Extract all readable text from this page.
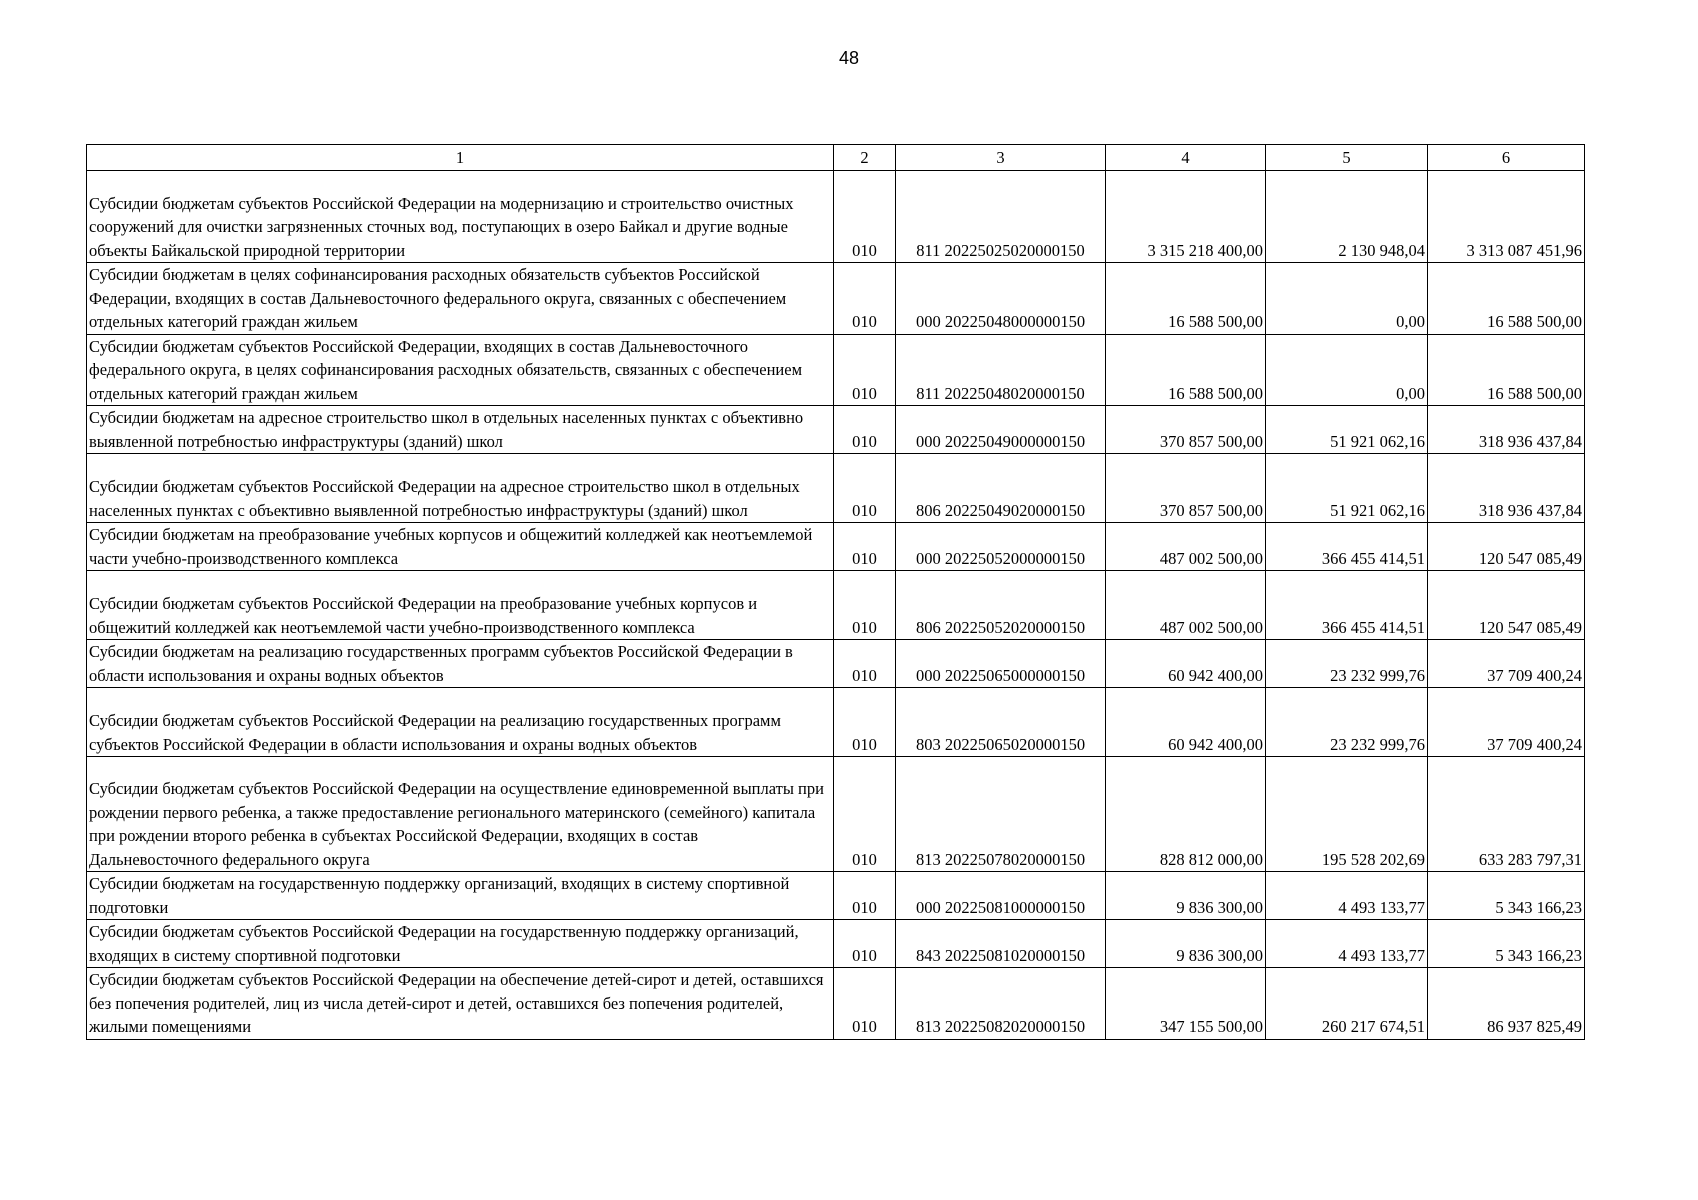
48
1	2	3	4	5	6
Субсидии бюджетам субъектов Российской Федерации на модернизацию и строительство очистных сооружений для очистки загрязненных сточных вод, поступающих в озеро Байкал и другие водные объекты Байкальской природной территории	010	811 20225025020000150	3 315 218 400,00	2 130 948,04	3 313 087 451,96
Субсидии бюджетам в целях софинансирования расходных обязательств субъектов Российской Федерации, входящих в состав Дальневосточного федерального округа, связанных с обеспечением отдельных категорий граждан жильем	010	000 20225048000000150	16 588 500,00	0,00	16 588 500,00
Субсидии бюджетам субъектов Российской Федерации, входящих в состав Дальневосточного федерального округа, в целях софинансирования расходных обязательств, связанных с обеспечением отдельных категорий граждан жильем	010	811 20225048020000150	16 588 500,00	0,00	16 588 500,00
Субсидии бюджетам на адресное строительство школ в отдельных населенных пунктах с объективно выявленной потребностью инфраструктуры (зданий) школ	010	000 20225049000000150	370 857 500,00	51 921 062,16	318 936 437,84
Субсидии бюджетам субъектов Российской Федерации на адресное строительство школ в отдельных населенных пунктах с объективно выявленной потребностью инфраструктуры (зданий) школ	010	806 20225049020000150	370 857 500,00	51 921 062,16	318 936 437,84
Субсидии бюджетам на преобразование учебных корпусов и общежитий колледжей как неотъемлемой части учебно-производственного комплекса	010	000 20225052000000150	487 002 500,00	366 455 414,51	120 547 085,49
Субсидии бюджетам субъектов Российской Федерации на преобразование учебных корпусов и общежитий колледжей как неотъемлемой части учебно-производственного комплекса	010	806 20225052020000150	487 002 500,00	366 455 414,51	120 547 085,49
Субсидии бюджетам на реализацию государственных программ субъектов Российской Федерации в области использования и охраны водных объектов	010	000 20225065000000150	60 942 400,00	23 232 999,76	37 709 400,24
Субсидии бюджетам субъектов Российской Федерации на реализацию государственных программ субъектов Российской Федерации в области использования и охраны водных объектов	010	803 20225065020000150	60 942 400,00	23 232 999,76	37 709 400,24
Субсидии бюджетам субъектов Российской Федерации на осуществление единовременной выплаты при рождении первого ребенка, а также предоставление регионального материнского (семейного) капитала при рождении второго ребенка в субъектах Российской Федерации, входящих в состав Дальневосточного федерального округа	010	813 20225078020000150	828 812 000,00	195 528 202,69	633 283 797,31
Субсидии бюджетам на государственную поддержку организаций, входящих в систему спортивной подготовки	010	000 20225081000000150	9 836 300,00	4 493 133,77	5 343 166,23
Субсидии бюджетам субъектов Российской Федерации на государственную поддержку организаций, входящих в систему спортивной подготовки	010	843 20225081020000150	9 836 300,00	4 493 133,77	5 343 166,23
Субсидии бюджетам субъектов Российской Федерации на обеспечение детей-сирот и детей, оставшихся без попечения родителей, лиц из числа детей-сирот и детей, оставшихся без попечения родителей, жилыми помещениями	010	813 20225082020000150	347 155 500,00	260 217 674,51	86 937 825,49
